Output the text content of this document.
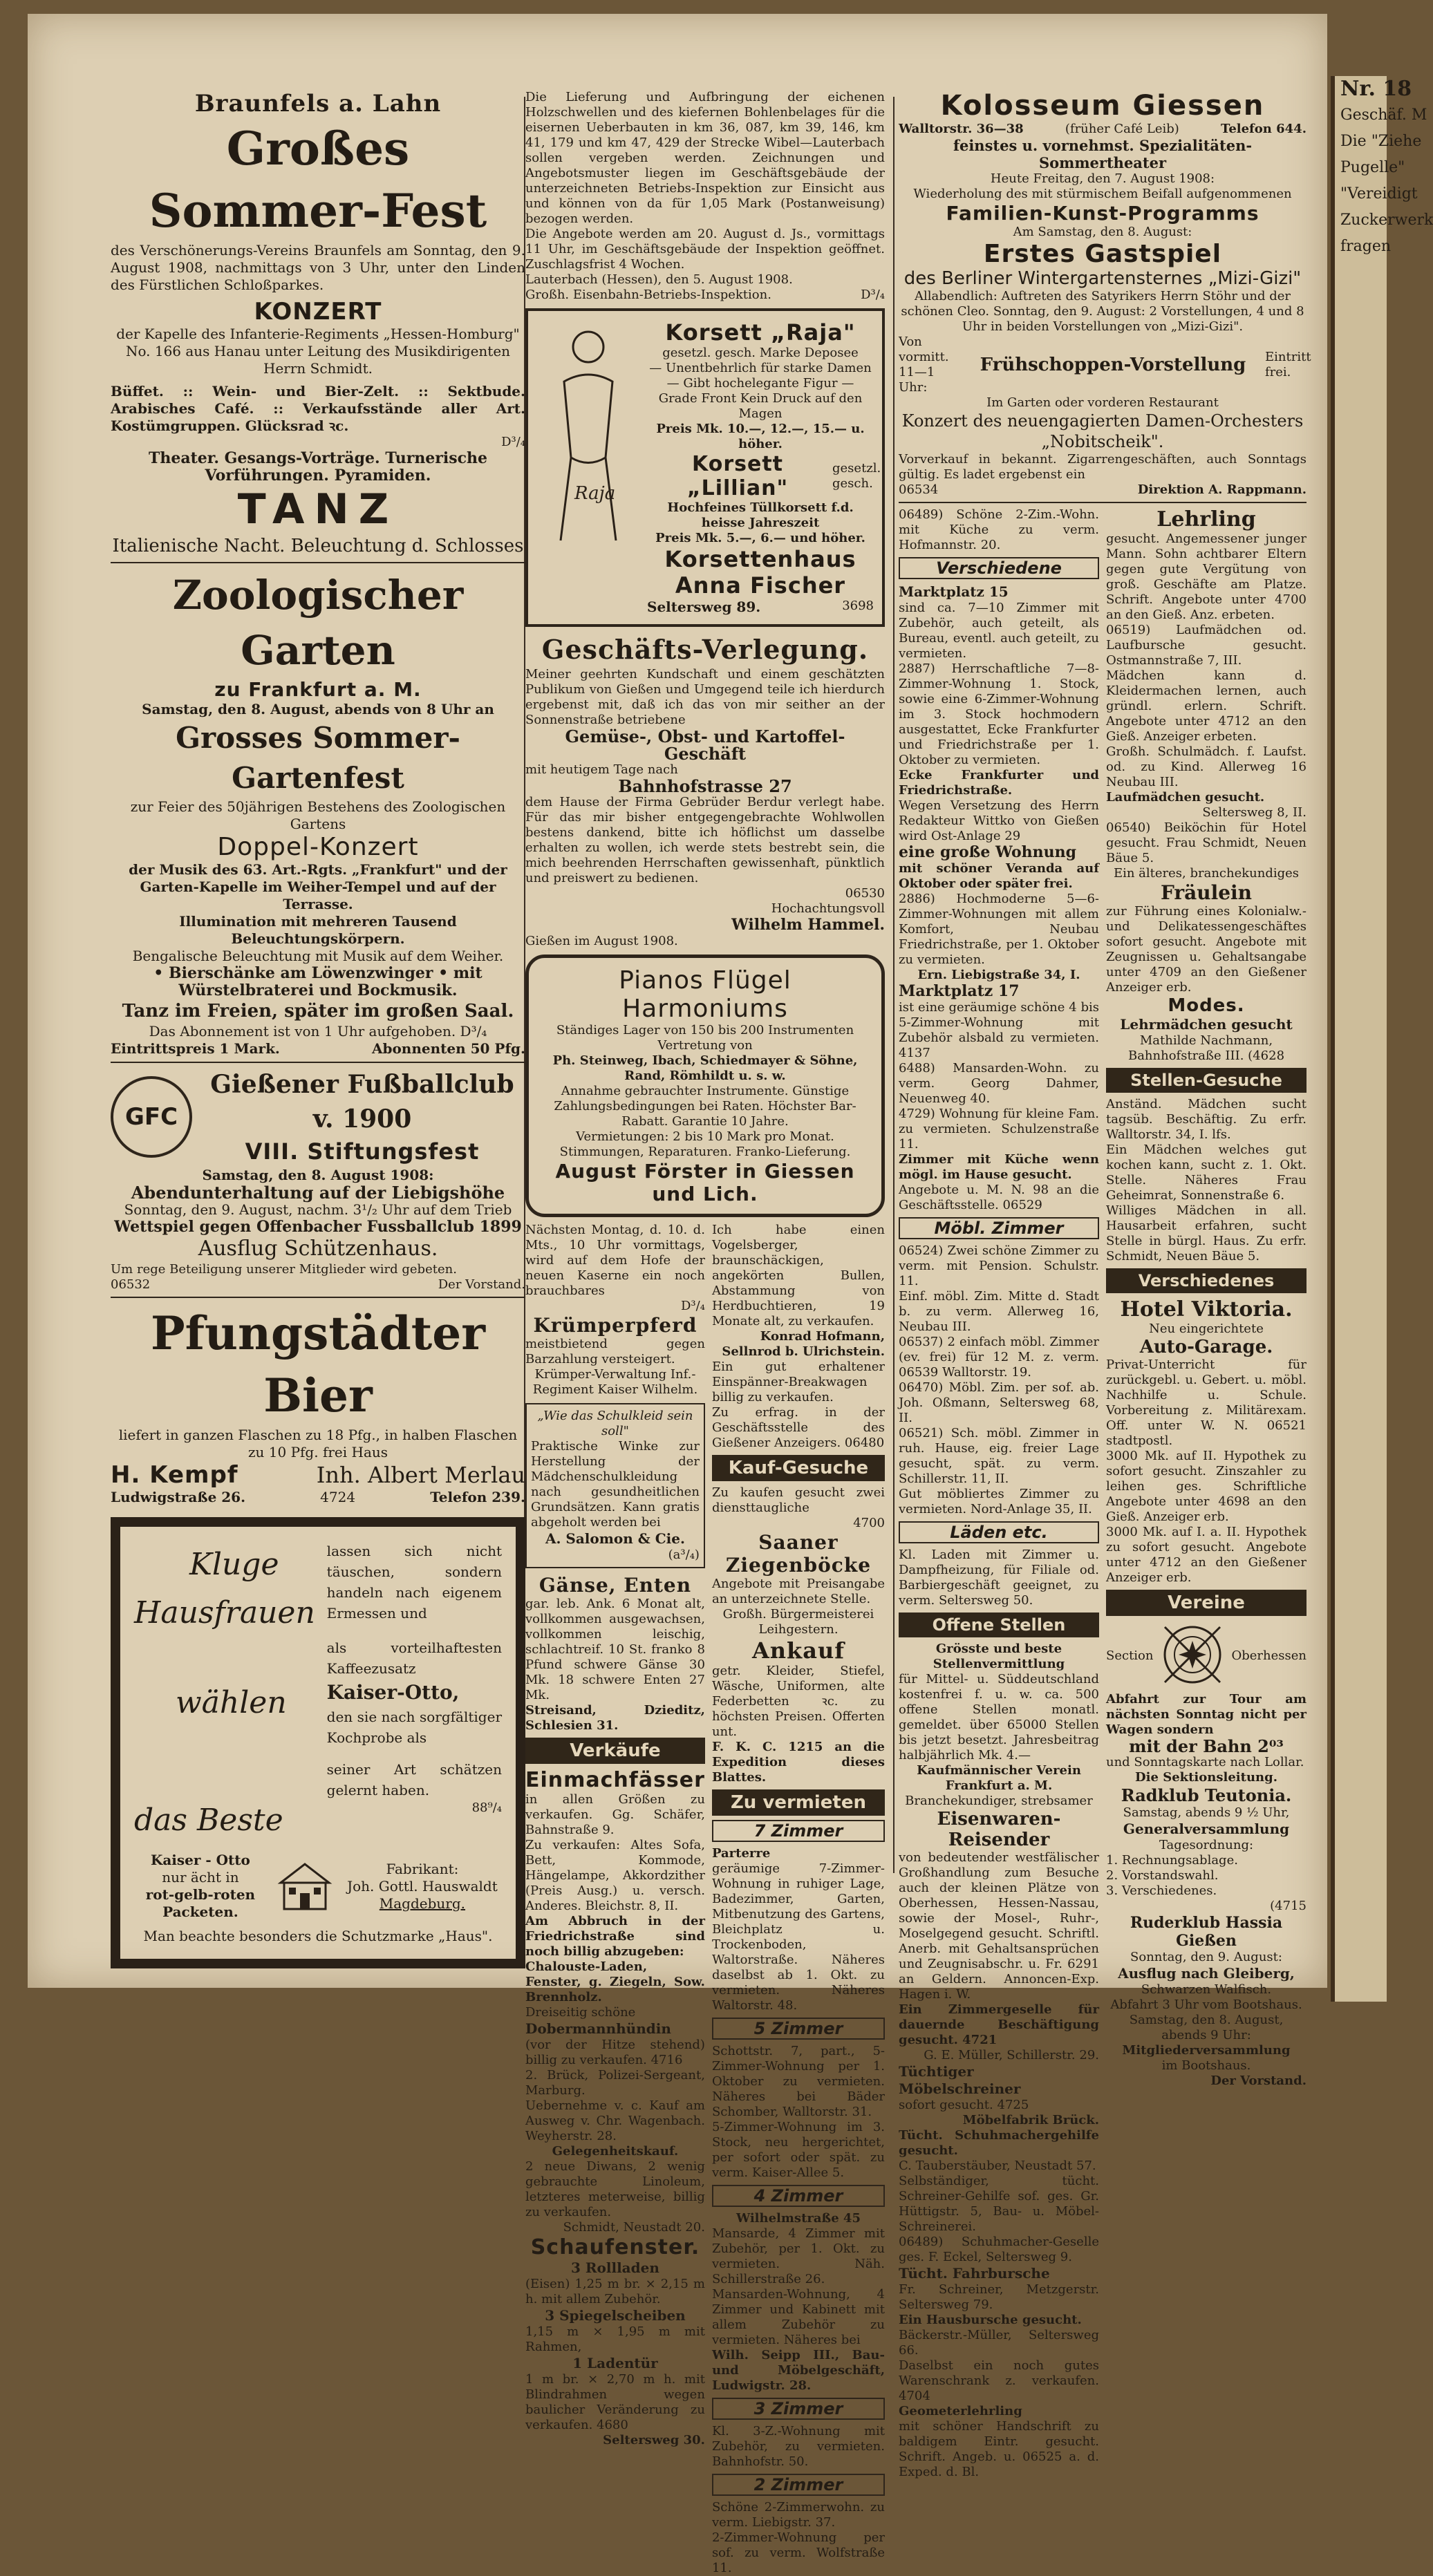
Nr. 18
Geschäf. M
Die "Ziehe
Pugelle"
"Vereidigt
Zuckerwerk
fragen
Braunfels a. Lahn
Großes Sommer-Fest

des Verschönerungs-Vereins Braunfels am Sonntag, den 9. August 1908, nachmittags von 3 Uhr, unter den Linden des Fürstlichen Schloßparkes.

KONZERT

der Kapelle des Infanterie-Regiments „Hessen-Homburg" No. 166 aus Hanau unter Leitung des Musikdirigenten Herrn Schmidt.

Büffet. :: Wein- und Bier-Zelt. :: Sektbude. Arabisches Café. :: Verkaufsstände aller Art. Kostümgruppen. Glücksrad ꝛc.

D³/₄

Theater. Gesangs-Vorträge. Turnerische Vorführungen. Pyramiden.

TANZ

Italienische Nacht. Beleuchtung d. Schlosses

Zoologischer Garten
zu Frankfurt a. M.

Samstag, den 8. August, abends von 8 Uhr an

Grosses Sommer-Gartenfest

zur Feier des 50jährigen Bestehens des Zoologischen Gartens

Doppel-Konzert

der Musik des 63. Art.-Rgts. „Frankfurt" und der Garten-Kapelle im Weiher-Tempel und auf der Terrasse.

Illumination mit mehreren Tausend Beleuchtungskörpern.

Bengalische Beleuchtung mit Musik auf dem Weiher.

• Bierschänke am Löwenzwinger • mit Würstelbraterei und Bockmusik.

Tanz im Freien, später im großen Saal.

Das Abonnement ist von 1 Uhr aufgehoben. D³/₄

Eintrittspreis 1 Mark.	Abonnenten 50 Pfg.
GFC
Gießener Fußballclub v. 1900
VIII. Stiftungsfest

Samstag, den 8. August 1908:

Abendunterhaltung auf der Liebigshöhe

Sonntag, den 9. August, nachm. 3¹/₂ Uhr auf dem Trieb

Wettspiel gegen Offenbacher Fussballclub 1899

Ausflug Schützenhaus.

Um rege Beteiligung unserer Mitglieder wird gebeten.

06532	Der Vorstand.
Pfungstädter Bier

liefert in ganzen Flaschen zu 18 Pfg., in halben Flaschen zu 10 Pfg. frei Haus

H. Kempf	Inh. Albert Merlau
Ludwigstraße 26.	4724	Telefon 239.
Kluge
Hausfrauen
wählen
das Beste

lassen sich nicht täuschen, sondern handeln nach eigenem Ermessen und

als vorteilhaftesten Kaffeezusatz

Kaiser-Otto,

den sie nach sorgfältiger Kochprobe als

seiner Art schätzen gelernt haben.

88⁹/₄

Kaiser - Otto
nur ächt in
rot-gelb-roten
Packeten.
Fabrikant:
Joh. Gottl. Hauswaldt
Magdeburg.

Man beachte besonders die Schutzmarke „Haus".

Die Lieferung und Aufbringung der eichenen Holzschwellen und des kiefernen Bohlenbelages für die eisernen Ueberbauten in km 36, 087, km 39, 146, km 41, 179 und km 47, 429 der Strecke Wibel—Lauterbach sollen vergeben werden. Zeichnungen und Angebotsmuster liegen im Geschäftsgebäude der unterzeichneten Betriebs-Inspektion zur Einsicht aus und können von da für 1,05 Mark (Postanweisung) bezogen werden.

Die Angebote werden am 20. August d. Js., vormittags 11 Uhr, im Geschäftsgebäude der Inspektion geöffnet. Zuschlagsfrist 4 Wochen.

Lauterbach (Hessen), den 5. August 1908.

Großh. Eisenbahn-Betriebs-Inspektion.	D³/₄
Raja
Korsett „Raja"

gesetzl. gesch. Marke Deposee

— Unentbehrlich für starke Damen — Gibt hochelegante Figur — Grade Front Kein Druck auf den Magen

Preis Mk. 10.—, 12.—, 15.— u. höher.

Korsett „Lillian"
gesetzl. gesch.

Hochfeines Tüllkorsett f.d. heisse Jahreszeit

Preis Mk. 5.—, 6.— und höher.

Korsettenhaus
Anna Fischer
Seltersweg 89.	3698
Geschäfts-Verlegung.

Meiner geehrten Kundschaft und einem geschätzten Publikum von Gießen und Umgegend teile ich hierdurch ergebenst mit, daß ich das von mir seither an der Sonnenstraße betriebene

Gemüse-, Obst- und Kartoffel-Geschäft

mit heutigem Tage nach

Bahnhofstrasse 27

dem Hause der Firma Gebrüder Berdur verlegt habe. Für das mir bisher entgegengebrachte Wohlwollen bestens dankend, bitte ich höflichst um dasselbe erhalten zu wollen, ich werde stets bestrebt sein, die mich beehrenden Herrschaften gewissenhaft, pünktlich und preiswert zu bedienen.

06530

Hochachtungsvoll

Wilhelm Hammel.

Gießen im August 1908.

Pianos Flügel Harmoniums

Ständiges Lager von 150 bis 200 Instrumenten

Vertretung von

Ph. Steinweg, Ibach, Schiedmayer & Söhne, Rand, Römhildt u. s. w.

Annahme gebrauchter Instrumente. Günstige Zahlungsbedingungen bei Raten. Höchster Bar-Rabatt. Garantie 10 Jahre.

Vermietungen: 2 bis 10 Mark pro Monat. Stimmungen, Reparaturen. Franko-Lieferung.

August Förster in Giessen und Lich.

Nächsten Montag, d. 10. d. Mts., 10 Uhr vormittags, wird auf dem Hofe der neuen Kaserne ein noch brauchbares

D³/₄

Krümperpferd

meistbietend gegen Barzahlung versteigert.

Krümper-Verwaltung Inf.-Regiment Kaiser Wilhelm.

„Wie das Schulkleid sein soll"

Praktische Winke zur Herstellung der Mädchenschulkleidung nach gesundheitlichen Grundsätzen. Kann gratis abgeholt werden bei

A. Salomon & Cie.

(a³/₄)

Gänse, Enten

gar. leb. Ank. 6 Monat alt, vollkommen ausgewachsen, vollkommen leischig, schlachtreif. 10 St. franko 8 Pfund schwere Gänse 30 Mk. 18 schwere Enten 27 Mk.

Streisand, Dzieditz, Schlesien 31.

Verkäufe
Einmachfässer

in allen Größen zu verkaufen. Gg. Schäfer, Bahnstraße 9.

Zu verkaufen: Altes Sofa, Bett, Kommode, Hängelampe, Akkordzither (Preis Ausg.) u. versch. Anderes. Bleichstr. 8, II.

Am Abbruch in der Friedrichstraße sind noch billig abzugeben:

Chalouste-Laden, Fenster, g. Ziegeln, Sow. Brennholz.

Dreiseitig schöne

Dobermannhündin

(vor der Hitze stehend) billig zu verkaufen. 4716

2. Brück, Polizei-Sergeant, Marburg.

Uebernehme v. c. Kauf am Ausweg v. Chr. Wagenbach. Weyherstr. 28.

Gelegenheitskauf.

2 neue Diwans, 2 wenig gebrauchte Linoleum, letzteres meterweise, billig zu verkaufen.

Schmidt, Neustadt 20.

Schaufenster.

3 Rollladen

(Eisen) 1,25 m br. × 2,15 m h. mit allem Zubehör.

3 Spiegelscheiben

1,15 m × 1,95 m mit Rahmen,

1 Ladentür

1 m br. × 2,70 m h. mit Blindrahmen wegen baulicher Veränderung zu verkaufen. 4680

Seltersweg 30.

Ich habe einen Vogelsberger, braunschäckigen, angekörten Bullen, Abstammung von Herdbuchtieren, 19 Monate alt, zu verkaufen.

Konrad Hofmann,

Sellnrod b. Ulrichstein.

Ein gut erhaltener Einspänner-Breakwagen billig zu verkaufen.

Zu erfrag. in der Geschäftsstelle des Gießener Anzeigers. 06480

Kauf-Gesuche

Zu kaufen gesucht zwei diensttaugliche

4700

Saaner Ziegenböcke

Angebote mit Preisangabe an unterzeichnete Stelle.

Großh. Bürgermeisterei Leihgestern.

Ankauf

getr. Kleider, Stiefel, Wäsche, Uniformen, alte Federbetten ꝛc. zu höchsten Preisen. Offerten unt.

F. K. C. 1215 an die Expedition dieses Blattes.

Zu vermieten
7 Zimmer

Parterre

geräumige 7-Zimmer-Wohnung in ruhiger Lage, Badezimmer, Garten, Mitbenutzung des Gartens, Bleichplatz u. Trockenboden, Waltorstraße. Näheres daselbst ab 1. Okt. zu vermieten. Näheres Waltorstr. 48.

5 Zimmer

Schottstr. 7, part., 5-Zimmer-Wohnung per 1. Oktober zu vermieten. Näheres bei Bäder Schomber, Walltorstr. 31.

5-Zimmer-Wohnung im 3. Stock, neu hergerichtet, per sofort oder spät. zu verm. Kaiser-Allee 5.

4 Zimmer

Wilhelmstraße 45

Mansarde, 4 Zimmer mit Zubehör, per 1. Okt. zu vermieten. Näh. Schillerstraße 26.

Mansarden-Wohnung, 4 Zimmer und Kabinett mit allem Zubehör zu vermieten. Näheres bei

Wilh. Seipp III., Bau- und Möbelgeschäft, Ludwigstr. 28.

3 Zimmer

Kl. 3-Z.-Wohnung mit Zubehör, zu vermieten. Bahnhofstr. 50.

2 Zimmer

Schöne 2-Zimmerwohn. zu verm. Liebigstr. 37.

2-Zimmer-Wohnung per sof. zu verm. Wolfstraße 11.

Kolosseum Giessen
Walltorstr. 36—38	(früher Café Leib)	Telefon 644.

feinstes u. vornehmst. Spezialitäten-Sommertheater

Heute Freitag, den 7. August 1908:

Wiederholung des mit stürmischem Beifall aufgenommenen

Familien-Kunst-Programms

Am Samstag, den 8. August:

Erstes Gastspiel
des Berliner Wintergartensternes „Mizi-Gizi"

Allabendlich: Auftreten des Satyrikers Herrn Stöhr und der schönen Cleo. Sonntag, den 9. August: 2 Vorstellungen, 4 und 8 Uhr in beiden Vorstellungen von „Mizi-Gizi".

Von vormitt. 11—1 Uhr:
Frühschoppen-Vorstellung	Eintritt frei.

Im Garten oder vorderen Restaurant

Konzert des neuengagierten Damen-Orchesters „Nobitscheik".

Vorverkauf in bekannt. Zigarrengeschäften, auch Sonntags gültig. Es ladet ergebenst ein

06534	Direktion A. Rappmann.

06489) Schöne 2-Zim.-Wohn. mit Küche zu verm. Hofmannstr. 20.

Verschiedene

Marktplatz 15

sind ca. 7—10 Zimmer mit Zubehör, auch geteilt, als Bureau, eventl. auch geteilt, zu vermieten.

2887) Herrschaftliche 7—8-Zimmer-Wohnung 1. Stock, sowie eine 6-Zimmer-Wohnung im 3. Stock hochmodern ausgestattet, Ecke Frankfurter und Friedrichstraße per 1. Oktober zu vermieten.

Ecke Frankfurter und Friedrichstraße.

Wegen Versetzung des Herrn Redakteur Wittko von Gießen wird Ost-Anlage 29

eine große Wohnung

mit schöner Veranda auf Oktober oder später frei.

2886) Hochmoderne 5—6-Zimmer-Wohnungen mit allem Komfort, Neubau Friedrichstraße, per 1. Oktober zu vermieten.

Ern. Liebigstraße 34, I.

Marktplatz 17

ist eine geräumige schöne 4 bis 5-Zimmer-Wohnung mit Zubehör alsbald zu vermieten. 4137

6488) Mansarden-Wohn. zu verm. Georg Dahmer, Neuenweg 40.

4729) Wohnung für kleine Fam. zu vermieten. Schulzenstraße 11.

Zimmer mit Küche wenn mögl. im Hause gesucht.

Angebote u. M. N. 98 an die Geschäftsstelle. 06529

Möbl. Zimmer

06524) Zwei schöne Zimmer zu verm. mit Pension. Schulstr. 11.

Einf. möbl. Zim. Mitte d. Stadt b. zu verm. Allerweg 16, Neubau III.

06537) 2 einfach möbl. Zimmer (ev. frei) für 12 M. z. verm. 06539 Walltorstr. 19.

06470) Möbl. Zim. per sof. ab. Joh. Oßmann, Seltersweg 68, II.

06521) Sch. möbl. Zimmer in ruh. Hause, eig. freier Lage gesucht, spät. zu verm. Schillerstr. 11, II.

Gut möbliertes Zimmer zu vermieten. Nord-Anlage 35, II.

Läden etc.

Kl. Laden mit Zimmer u. Dampfheizung, für Filiale od. Barbiergeschäft geeignet, zu verm. Seltersweg 50.

Offene Stellen

Grösste und beste Stellenvermittlung

für Mittel- u. Süddeutschland kostenfrei f. u. w. ca. 500 offene Stellen monatl. gemeldet. über 65000 Stellen bis jetzt besetzt. Jahresbeitrag halbjährlich Mk. 4.—

Kaufmännischer Verein Frankfurt a. M.

Branchekundiger, strebsamer

Eisenwaren-Reisender

von bedeutender westfälischer Großhandlung zum Besuche auch der kleinen Plätze von Oberhessen, Hessen-Nassau, sowie der Mosel-, Ruhr-, Moselgegend gesucht. Schriftl. Anerb. mit Gehaltsansprüchen und Zeugnisabschr. u. Fr. 6291 an Geldern. Annoncen-Exp. Hagen i. W.

Ein Zimmergeselle für dauernde Beschäftigung gesucht. 4721

G. E. Müller, Schillerstr. 29.

Tüchtiger Möbelschreiner

sofort gesucht. 4725

Möbelfabrik Brück.

Tücht. Schuhmachergehilfe gesucht.

C. Tauberstäuber, Neustadt 57.

Selbständiger, tücht. Schreiner-Gehilfe sof. ges. Gr. Hüttigstr. 5, Bau- u. Möbel-Schreinerei.

06489) Schuhmacher-Geselle ges. F. Eckel, Seltersweg 9.

Tücht. Fahrbursche

Fr. Schreiner, Metzgerstr. Seltersweg 79.

Ein Hausbursche gesucht.

Bäckerstr.-Müller, Seltersweg 66.

Daselbst ein noch gutes Warenschrank z. verkaufen. 4704

Geometerlehrling

mit schöner Handschrift zu baldigem Eintr. gesucht. Schrift. Angeb. u. 06525 a. d. Exped. d. Bl.

Lehrling

gesucht. Angemessener junger Mann. Sohn achtbarer Eltern gegen gute Vergütung von groß. Geschäfte am Platze. Schrift. Angebote unter 4700 an den Gieß. Anz. erbeten.

06519) Laufmädchen od. Laufbursche gesucht. Ostmannstraße 7, III.

Mädchen kann d. Kleidermachen lernen, auch gründl. erlern. Schrift. Angebote unter 4712 an den Gieß. Anzeiger erbeten.

Großh. Schulmädch. f. Laufst. od. zu Kind. Allerweg 16 Neubau III.

Laufmädchen gesucht.

Seltersweg 8, II.

06540) Beiköchin für Hotel gesucht. Frau Schmidt, Neuen Bäue 5.

Ein älteres, branchekundiges

Fräulein

zur Führung eines Kolonialw.- und Delikatessengeschäftes sofort gesucht. Angebote mit Zeugnissen u. Gehaltsangabe unter 4709 an den Gießener Anzeiger erb.

Modes.

Lehrmädchen gesucht

Mathilde Nachmann, Bahnhofstraße III. (4628

Stellen-Gesuche

Anständ. Mädchen sucht tagsüb. Beschäftig. Zu erfr. Walltorstr. 34, I. lfs.

Ein Mädchen welches gut kochen kann, sucht z. 1. Okt. Stelle. Näheres Frau Geheimrat, Sonnenstraße 6.

Williges Mädchen in all. Hausarbeit erfahren, sucht Stelle in bürgl. Haus. Zu erfr. Schmidt, Neuen Bäue 5.

Verschiedenes
Hotel Viktoria.

Neu eingerichtete

Auto-Garage.

Privat-Unterricht für zurückgebl. u. Gebert. u. möbl. Nachhilfe u. Schule. Vorbereitung z. Militärexam. Off. unter W. N. 06521 stadtpostl.

3000 Mk. auf II. Hypothek zu sofort gesucht. Zinszahler zu leihen ges. Schriftliche Angebote unter 4698 an den Gieß. Anzeiger erb.

3000 Mk. auf I. a. II. Hypothek zu sofort gesucht. Angebote unter 4712 an den Gießener Anzeiger erb.

Vereine
Section	Oberhessen

Abfahrt zur Tour am nächsten Sonntag nicht per Wagen sondern

mit der Bahn 2⁰³

und Sonntagskarte nach Lollar.

Die Sektionsleitung.

Radklub Teutonia.

Samstag, abends 9 ½ Uhr,

Generalversammlung

Tagesordnung:

1. Rechnungsablage.

2. Vorstandswahl.

3. Verschiedenes.

(4715

Ruderklub Hassia Gießen

Sonntag, den 9. August:

Ausflug nach Gleiberg,

Schwarzen Walfisch.

Abfahrt 3 Uhr vom Bootshaus.

Samstag, den 8. August, abends 9 Uhr:

Mitgliederversammlung

im Bootshaus.

Der Vorstand.
